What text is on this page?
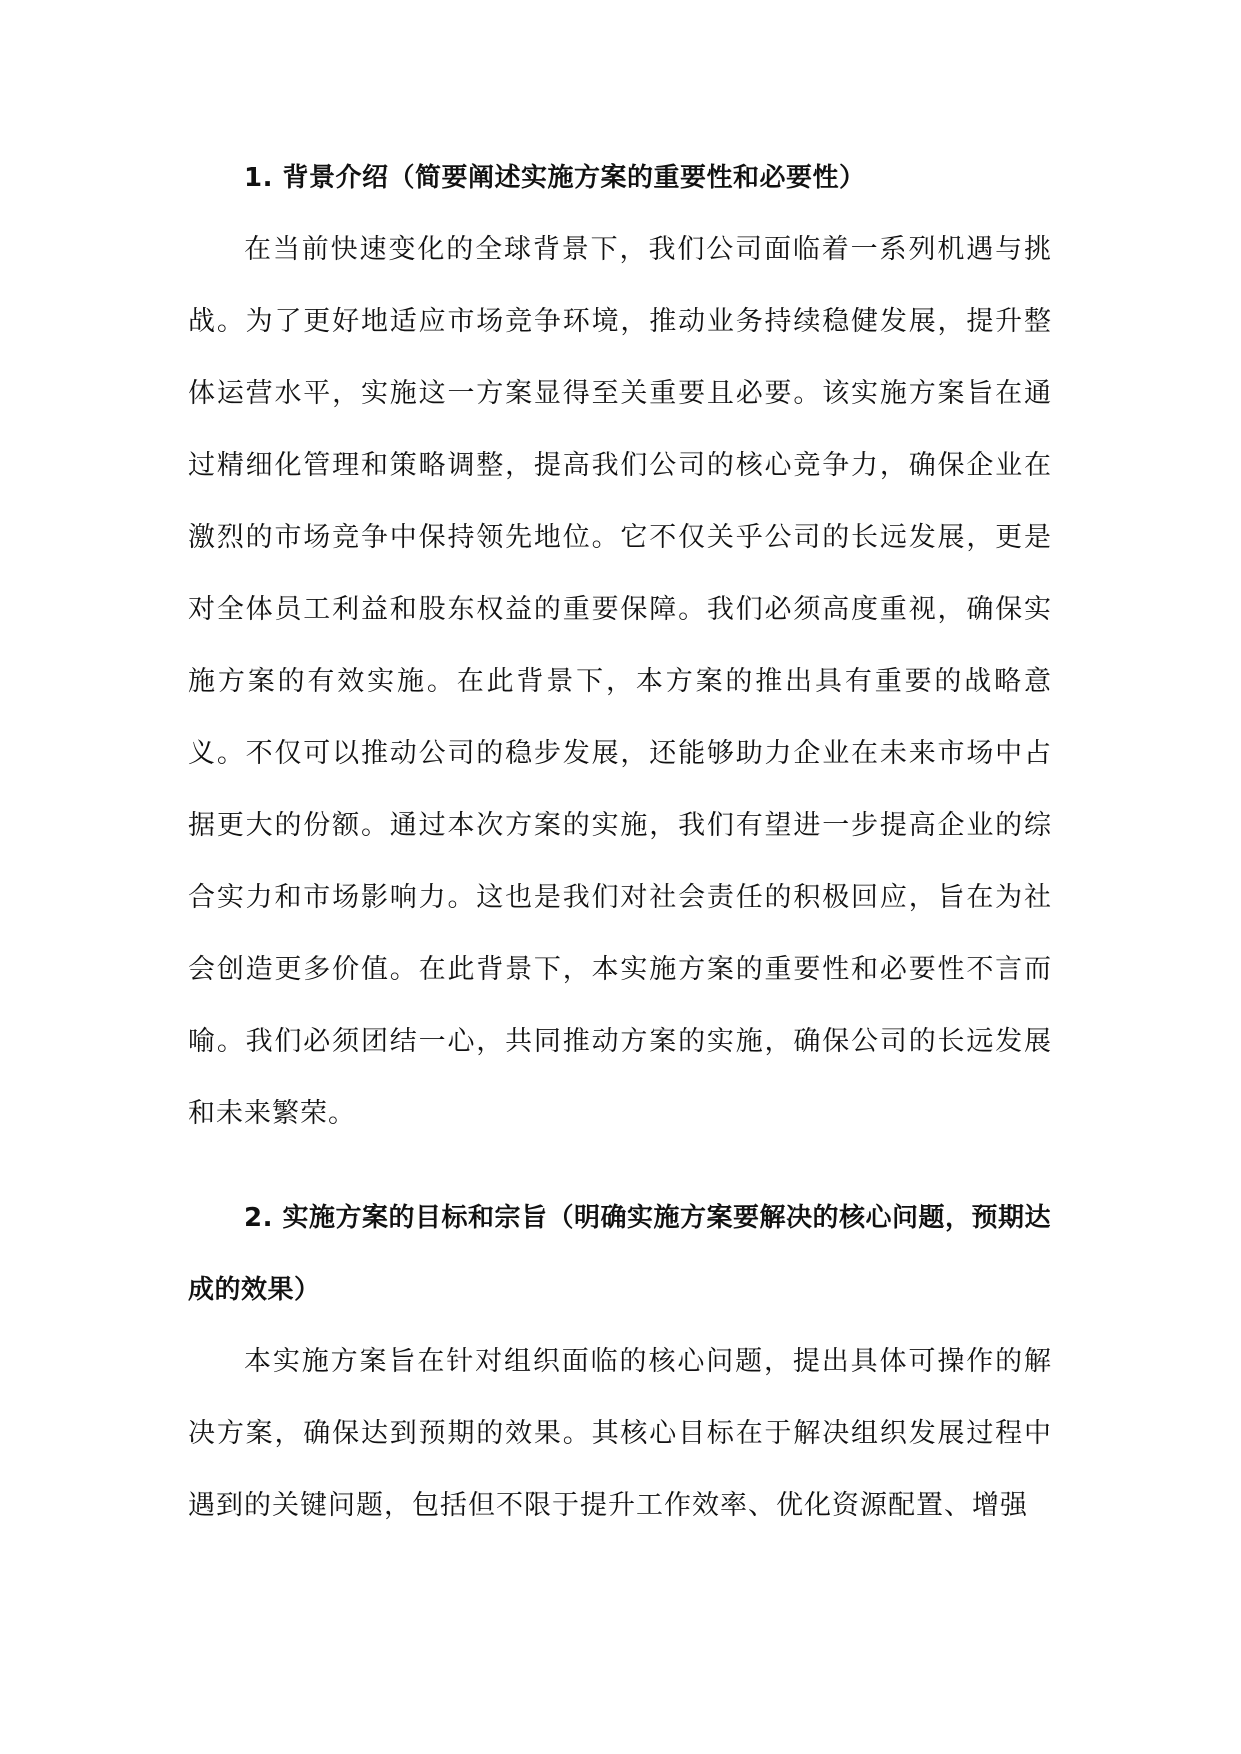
1. 背景介绍（简要阐述实施方案的重要性和必要性）

在当前快速变化的全球背景下，我们公司面临着一系列机遇与挑战。为了更好地适应市场竞争环境，推动业务持续稳健发展，提升整体运营水平，实施这一方案显得至关重要且必要。该实施方案旨在通过精细化管理和策略调整，提高我们公司的核心竞争力，确保企业在激烈的市场竞争中保持领先地位。它不仅关乎公司的长远发展，更是对全体员工利益和股东权益的重要保障。我们必须高度重视，确保实施方案的有效实施。在此背景下，本方案的推出具有重要的战略意义。不仅可以推动公司的稳步发展，还能够助力企业在未来市场中占据更大的份额。通过本次方案的实施，我们有望进一步提高企业的综合实力和市场影响力。这也是我们对社会责任的积极回应，旨在为社会创造更多价值。在此背景下，本实施方案的重要性和必要性不言而喻。我们必须团结一心，共同推动方案的实施，确保公司的长远发展和未来繁荣。

2. 实施方案的目标和宗旨（明确实施方案要解决的核心问题，预期达成的效果）

本实施方案旨在针对组织面临的核心问题，提出具体可操作的解决方案，确保达到预期的效果。其核心目标在于解决组织发展过程中遇到的关键问题，包括但不限于提升工作效率、优化资源配置、增强
